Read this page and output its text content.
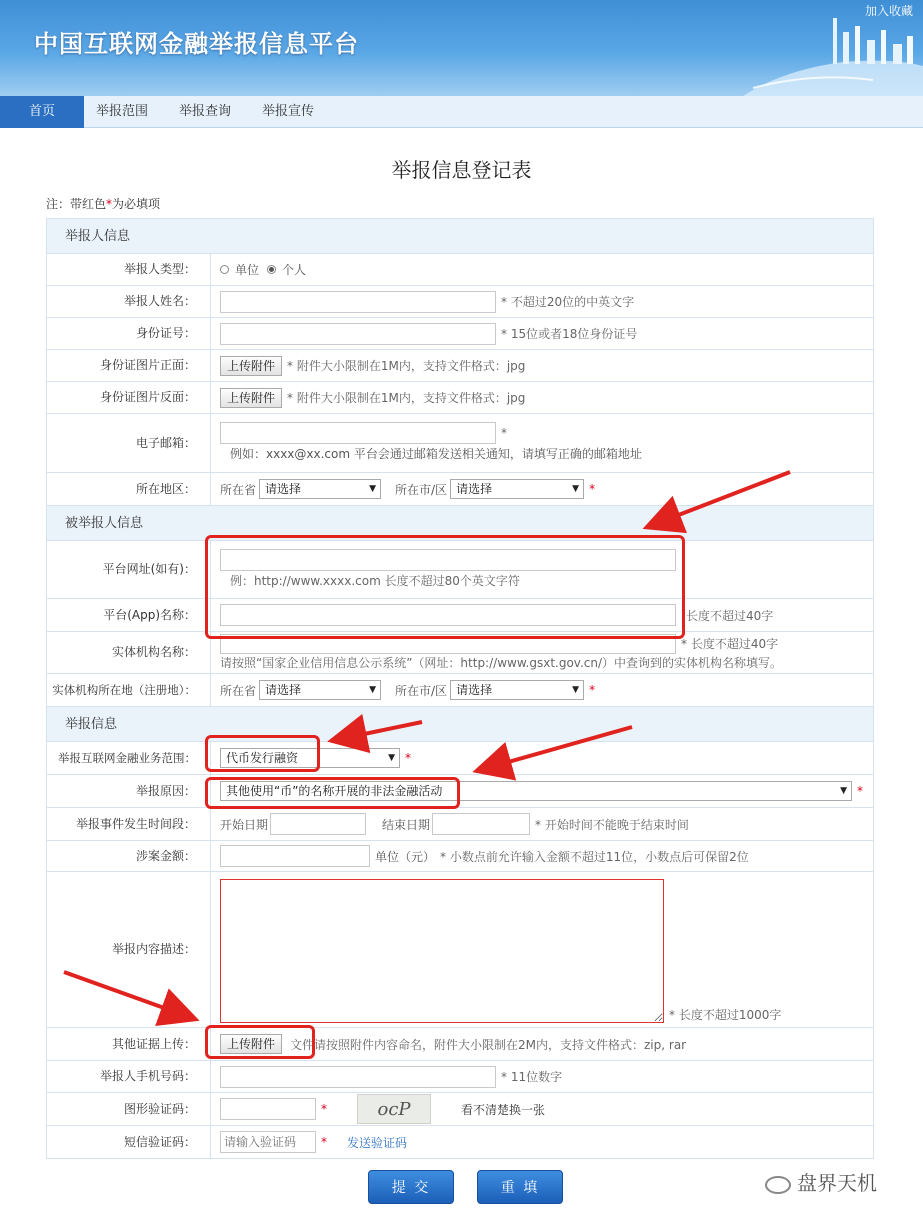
中国互联网金融举报信息平台
加入收藏
首页	举报范围 举报查询 举报宣传
举报信息登记表
注：带红色*为必填项
举报人信息
举报人类型：	单位 个人
举报人姓名：	* 不超过20位的中英文字
身份证号：	* 15位或者18位身份证号
身份证图片正面：	上传附件	* 附件大小限制在1M内，支持文件格式：jpg
身份证图片反面：	上传附件	* 附件大小限制在1M内，支持文件格式：jpg
电子邮箱：
*
例如：xxxx@xx.com 平台会通过邮箱发送相关通知，请填写正确的邮箱地址
所在地区：	所在省 请选择	▼ 所在市/区 请选择	▼ *
被举报人信息
平台网址(如有)：
例：http://www.xxxx.com 长度不超过80个英文字符
平台(App)名称：	长度不超过40字
实体机构名称：
* 长度不超过40字
请按照“国家企业信用信息公示系统”（网址：http://www.gsxt.gov.cn/）中查询到的实体机构名称填写。
实体机构所在地（注册地）：	所在省 请选择	▼ 所在市/区 请选择	▼ *
举报信息
举报互联网金融业务范围：	代币发行融资	▼ *
举报原因：	其他使用“币”的名称开展的非法金融活动	▼ *
举报事件发生时间段：	开始日期	结束日期	* 开始时间不能晚于结束时间
涉案金额：	单位（元） * 小数点前允许输入金额不超过11位，小数点后可保留2位
举报内容描述：
* 长度不超过1000字
其他证据上传：	上传附件	文件请按照附件内容命名，附件大小限制在2M内，支持文件格式：zip, rar
举报人手机号码：	* 11位数字
图形验证码：	*	ocP	看不清楚换一张
短信验证码：
请输入验证码	* 发送验证码
提 交	重 填	盘界天机
